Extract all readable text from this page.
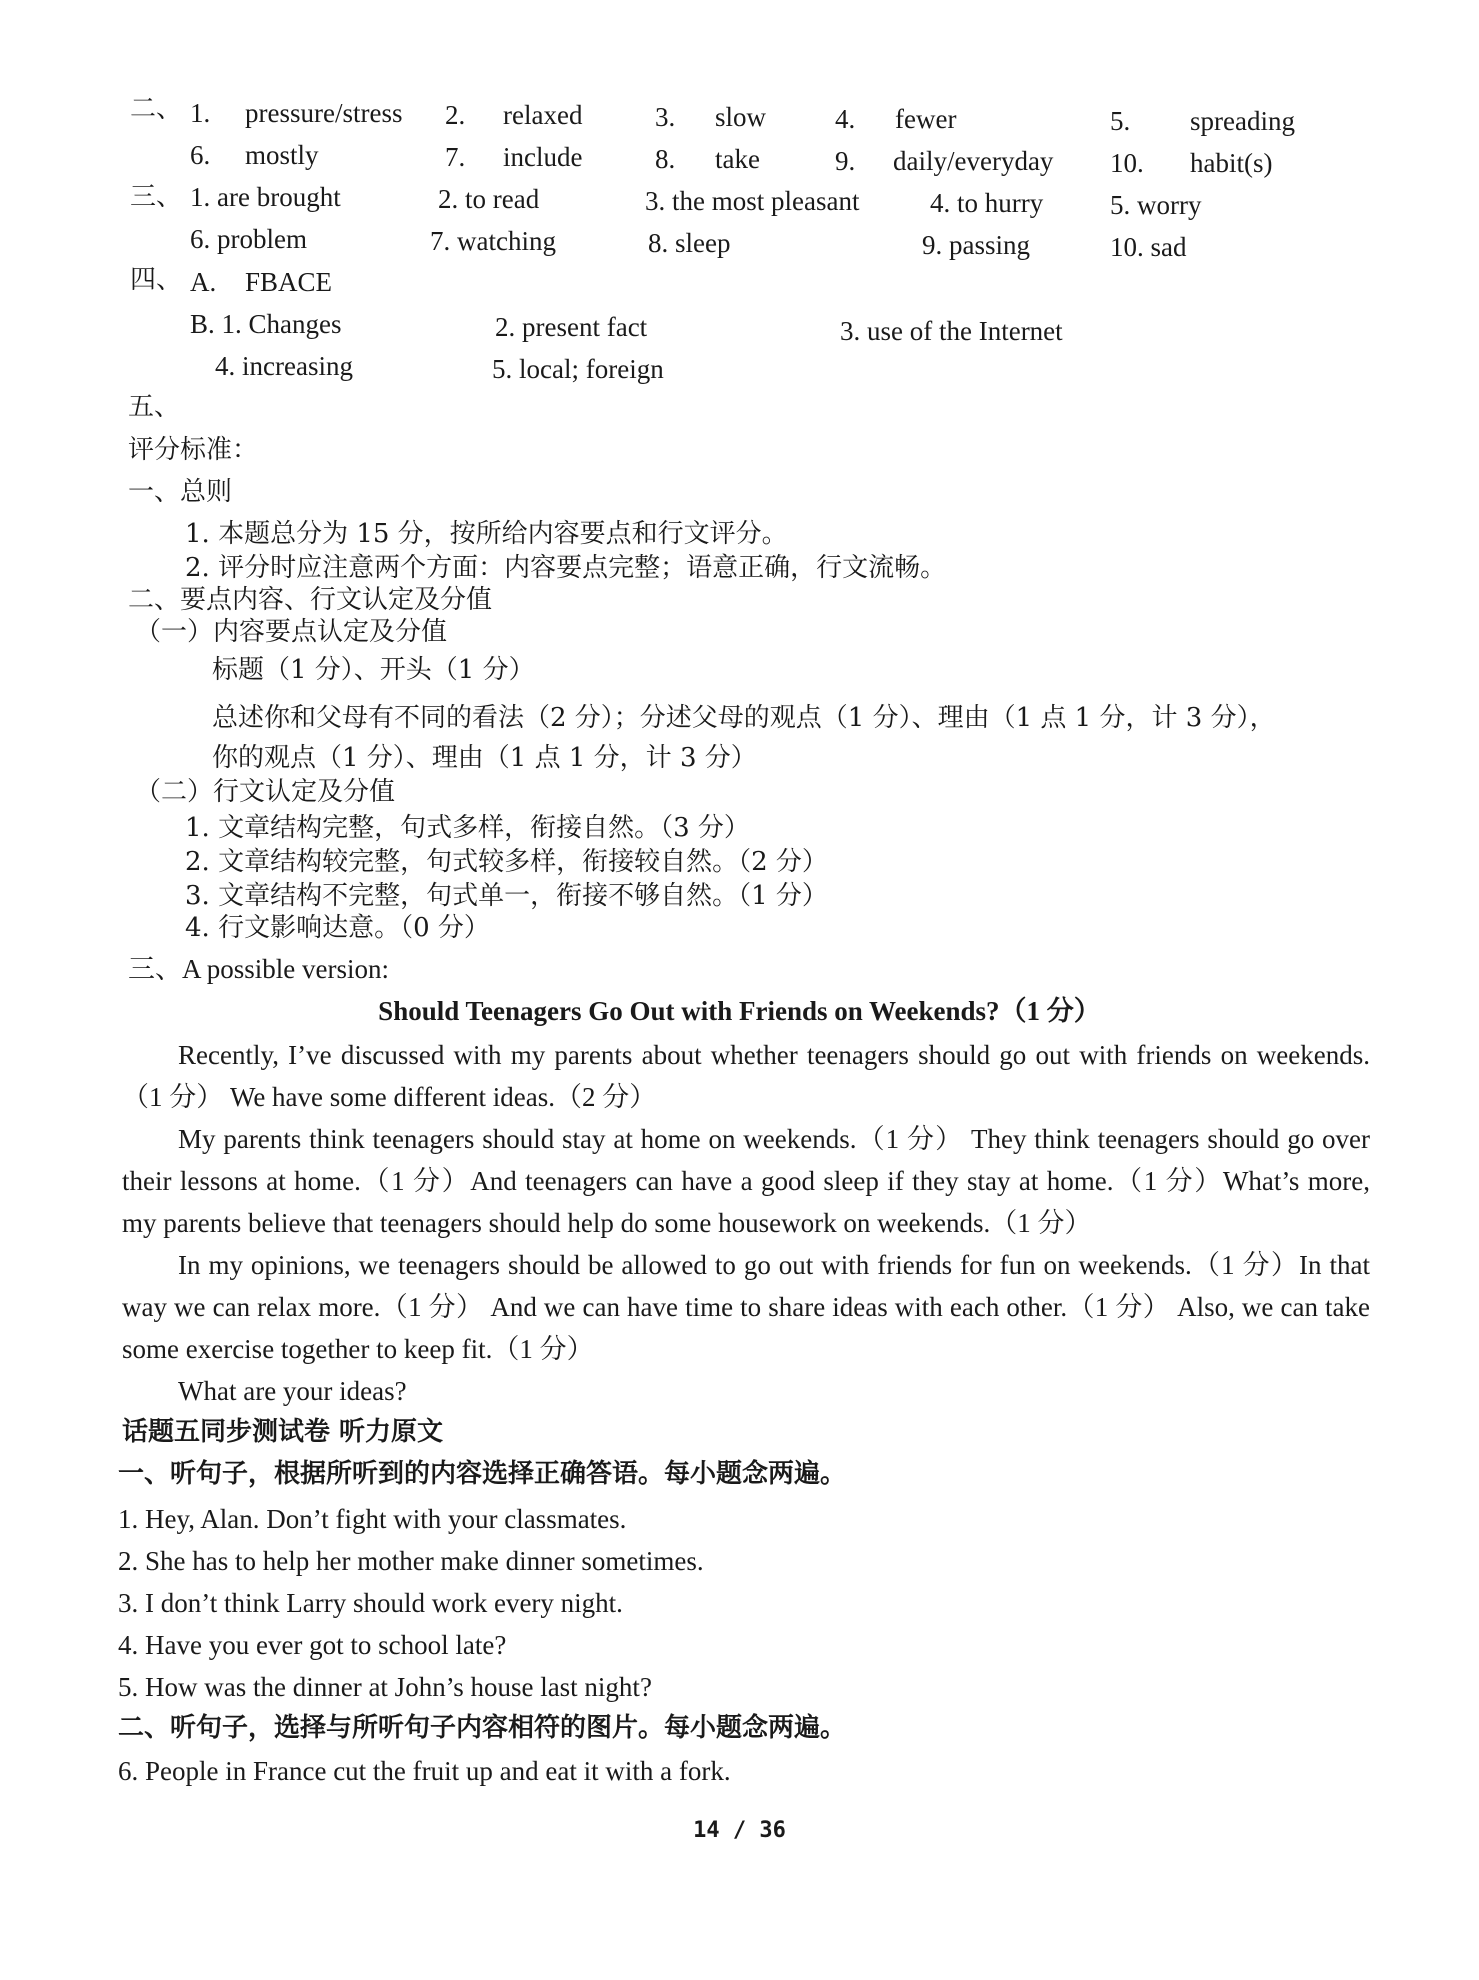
二、 1. pressure/stress 2. relaxed	3. slow	4. fewer	5. spreading
6. mostly	7. include	8. take	9. daily/everyday 10. habit(s)
三、 1. are brought	2. to read	3. the most pleasant	4. to hurry 5. worry
6. problem	7. watching	8. sleep	9. passing	10. sad
四、 A. FBACE
B. 1. Changes	2. present fact	3. use of the Internet
4. increasing	5. local; foreign
五、
评分标准：
一、总则
1. 本题总分为 15 分，按所给内容要点和行文评分。
2. 评分时应注意两个方面：内容要点完整；语意正确，行文流畅。
二、要点内容、行文认定及分值
（一）内容要点认定及分值
标题（1 分）、开头（1 分）
总述你和父母有不同的看法（2 分）；分述父母的观点（1 分）、理由（1 点 1 分，计 3 分），
你的观点（1 分）、理由（1 点 1 分，计 3 分）
（二）行文认定及分值
1. 文章结构完整，句式多样，衔接自然。（3 分）
2. 文章结构较完整，句式较多样，衔接较自然。（2 分）
3. 文章结构不完整，句式单一，衔接不够自然。（1 分）
4. 行文影响达意。（0 分）
三、A possible version:
Should Teenagers Go Out with Friends on Weekends?（1 分）
Recently, I’ve discussed with my parents about whether teenagers should go out with friends on weekends.（1 分） We have some different ideas.（2 分）
My parents think teenagers should stay at home on weekends.（1 分） They think teenagers should go over their lessons at home.（1 分）And teenagers can have a good sleep if they stay at home.（1 分）What’s more, my parents believe that teenagers should help do some housework on weekends.（1 分）
In my opinions, we teenagers should be allowed to go out with friends for fun on weekends.（1 分）In that way we can relax more.（1 分） And we can have time to share ideas with each other.（1 分） Also, we can take some exercise together to keep fit.（1 分）
What are your ideas?
话题五同步测试卷 听力原文
一、听句子，根据所听到的内容选择正确答语。每小题念两遍。
1. Hey, Alan. Don’t fight with your classmates.
2. She has to help her mother make dinner sometimes.
3. I don’t think Larry should work every night.
4. Have you ever got to school late?
5. How was the dinner at John’s house last night?
二、听句子，选择与所听句子内容相符的图片。每小题念两遍。
6. People in France cut the fruit up and eat it with a fork.
14 / 36
